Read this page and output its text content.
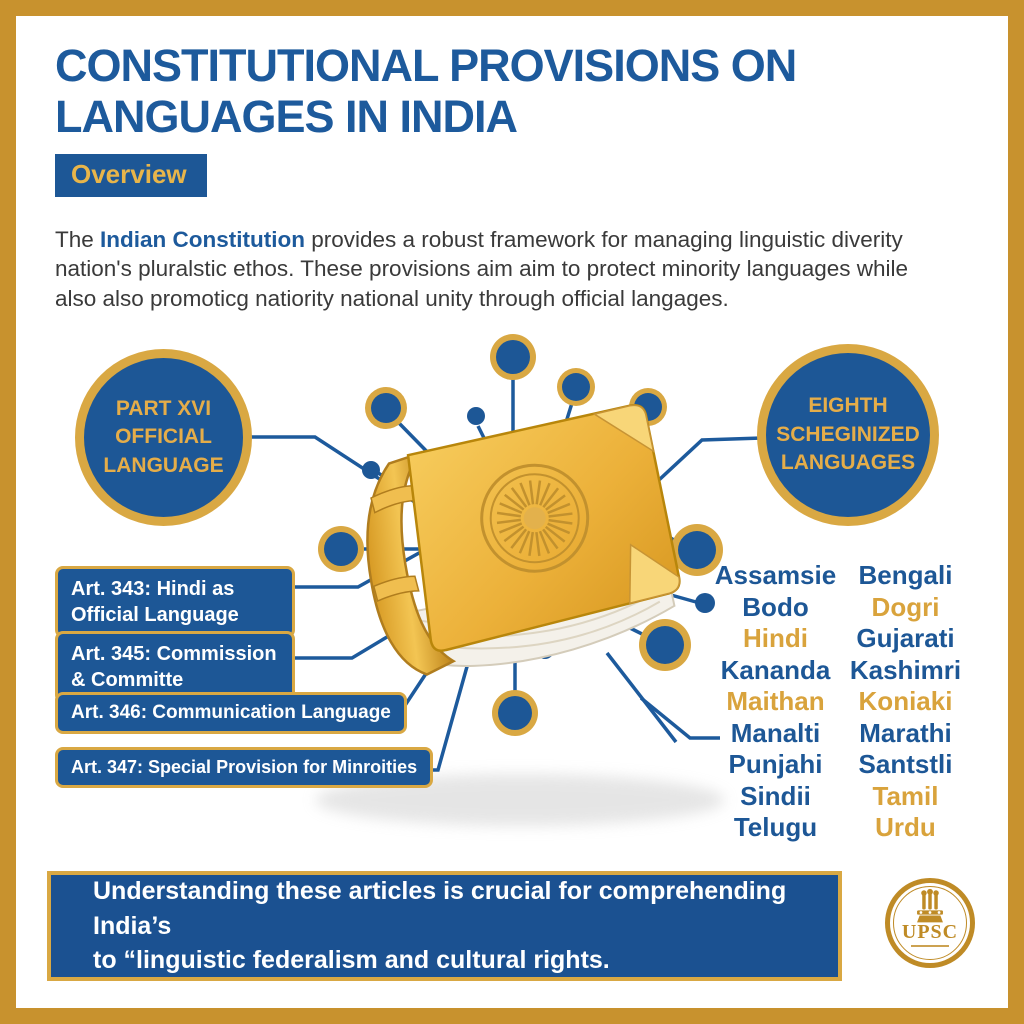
CONSTITUTIONAL PROVISIONS ON
LANGUAGES IN INDIA
Overview

The Indian Constitution provides a robust framework for managing linguistic diverity nation's pluralstic ethos. These provisions aim aim to protect minority languages while also also promoticg natiority national unity through official langages.

PART XVI OFFICIAL LANGUAGE
EIGHTH SCHEGINIZED LANGUAGES
Art. 343: Hindi as Official Language
Art. 345: Commission & Committe
Art. 346: Communication Language
Art. 347: Special Provision for Minroities
Assamsie
Bodo
Hindi
Kananda
Maithan
Manalti
Punjahi
Sindii
Telugu
Bengali
Dogri
Gujarati
Kashimri
Koniaki
Marathi
Santstli
Tamil
Urdu
Understanding these articles is crucial for comprehending India’s
to “linguistic federalism and cultural rights.
UPSC
